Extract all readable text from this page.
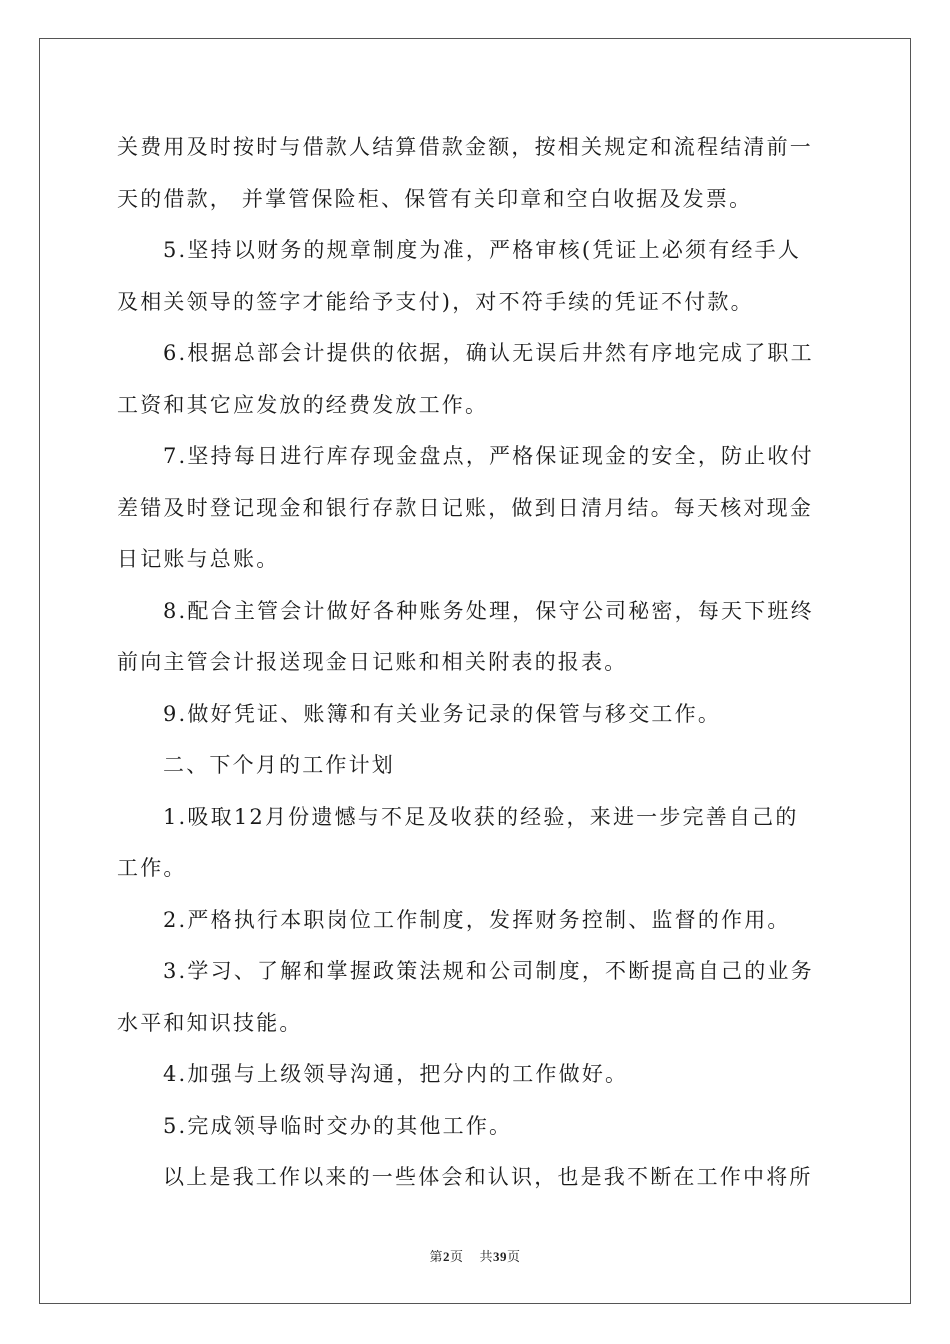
关费用及时按时与借款人结算借款金额，按相关规定和流程结清前一
天的借款， 并掌管保险柜、保管有关印章和空白收据及发票。
5.坚持以财务的规章制度为准，严格审核(凭证上必须有经手人
及相关领导的签字才能给予支付)，对不符手续的凭证不付款。
6.根据总部会计提供的依据，确认无误后井然有序地完成了职工
工资和其它应发放的经费发放工作。
7.坚持每日进行库存现金盘点，严格保证现金的安全，防止收付
差错及时登记现金和银行存款日记账，做到日清月结。每天核对现金
日记账与总账。
8.配合主管会计做好各种账务处理，保守公司秘密，每天下班终
前向主管会计报送现金日记账和相关附表的报表。
9.做好凭证、账簿和有关业务记录的保管与移交工作。
二、下个月的工作计划
1.吸取12月份遗憾与不足及收获的经验，来进一步完善自己的
工作。
2.严格执行本职岗位工作制度，发挥财务控制、监督的作用。
3.学习、了解和掌握政策法规和公司制度，不断提高自己的业务
水平和知识技能。
4.加强与上级领导沟通，把分内的工作做好。
5.完成领导临时交办的其他工作。
以上是我工作以来的一些体会和认识，也是我不断在工作中将所
第2页 共39页
